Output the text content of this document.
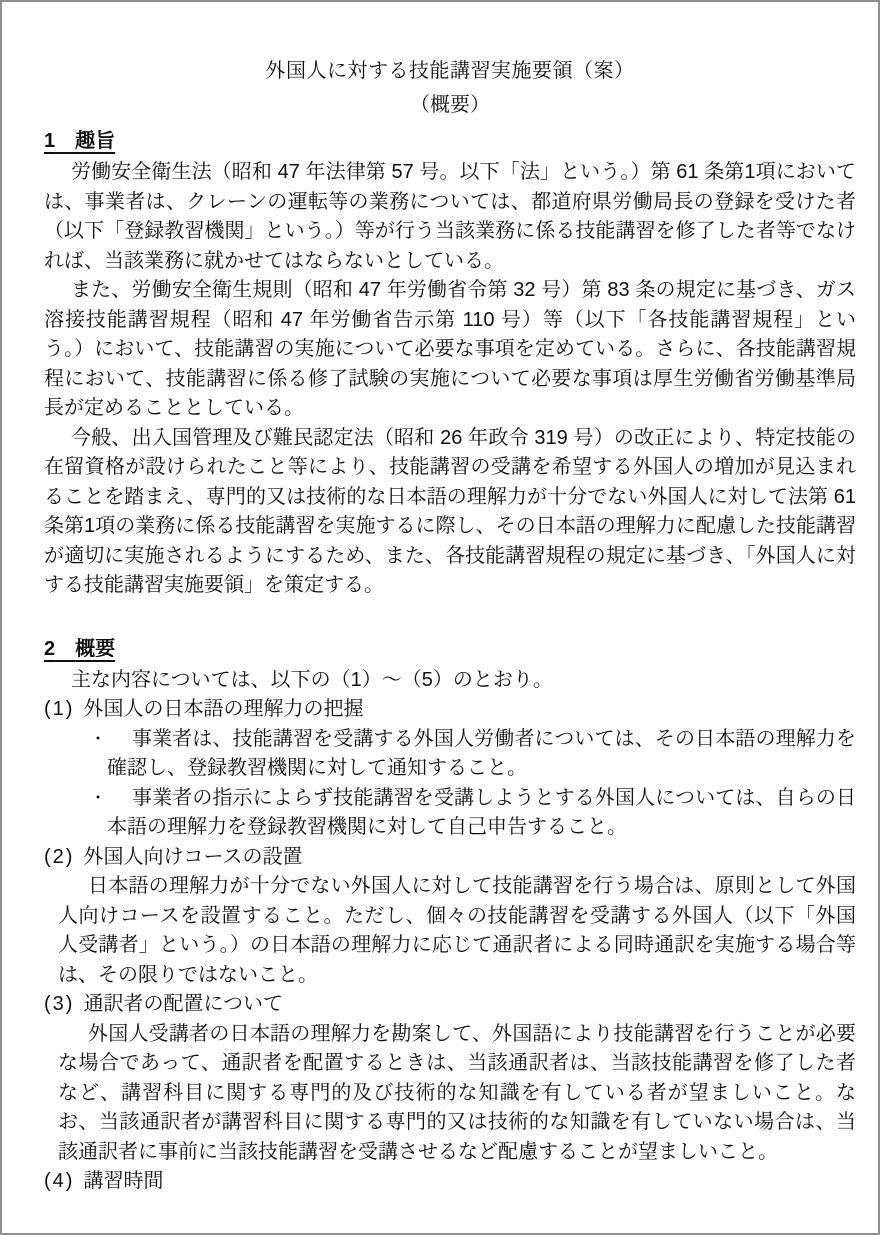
外国人に対する技能講習実施要領（案）
（概要）
1 趣旨

労働安全衛生法（昭和 47 年法律第 57 号。以下「法」という。）第 61 条第1項においては、事業者は、クレーンの運転等の業務については、都道府県労働局長の登録を受けた者（以下「登録教習機関」という。）等が行う当該業務に係る技能講習を修了した者等でなければ、当該業務に就かせてはならないとしている。

また、労働安全衛生規則（昭和 47 年労働省令第 32 号）第 83 条の規定に基づき、ガス溶接技能講習規程（昭和 47 年労働省告示第 110 号）等（以下「各技能講習規程」という。）において、技能講習の実施について必要な事項を定めている。さらに、各技能講習規程において、技能講習に係る修了試験の実施について必要な事項は厚生労働省労働基準局長が定めることとしている。

今般、出入国管理及び難民認定法（昭和 26 年政令 319 号）の改正により、特定技能の在留資格が設けられたこと等により、技能講習の受講を希望する外国人の増加が見込まれることを踏まえ、専門的又は技術的な日本語の理解力が十分でない外国人に対して法第 61 条第1項の業務に係る技能講習を実施するに際し、その日本語の理解力に配慮した技能講習が適切に実施されるようにするため、また、各技能講習規程の規定に基づき、「外国人に対する技能講習実施要領」を策定する。

2 概要

主な内容については、以下の（1）～（5）のとおり。

(1) 外国人の日本語の理解力の把握
・ 事業者は、技能講習を受講する外国人労働者については、その日本語の理解力を確認し、登録教習機関に対して通知すること。
・ 事業者の指示によらず技能講習を受講しようとする外国人については、自らの日本語の理解力を登録教習機関に対して自己申告すること。
(2) 外国人向けコースの設置

日本語の理解力が十分でない外国人に対して技能講習を行う場合は、原則として外国人向けコースを設置すること。ただし、個々の技能講習を受講する外国人（以下「外国人受講者」という。）の日本語の理解力に応じて通訳者による同時通訳を実施する場合等は、その限りではないこと。

(3) 通訳者の配置について

外国人受講者の日本語の理解力を勘案して、外国語により技能講習を行うことが必要な場合であって、通訳者を配置するときは、当該通訳者は、当該技能講習を修了した者など、講習科目に関する専門的及び技術的な知識を有している者が望ましいこと。なお、当該通訳者が講習科目に関する専門的又は技術的な知識を有していない場合は、当該通訳者に事前に当該技能講習を受講させるなど配慮することが望ましいこと。

(4) 講習時間
